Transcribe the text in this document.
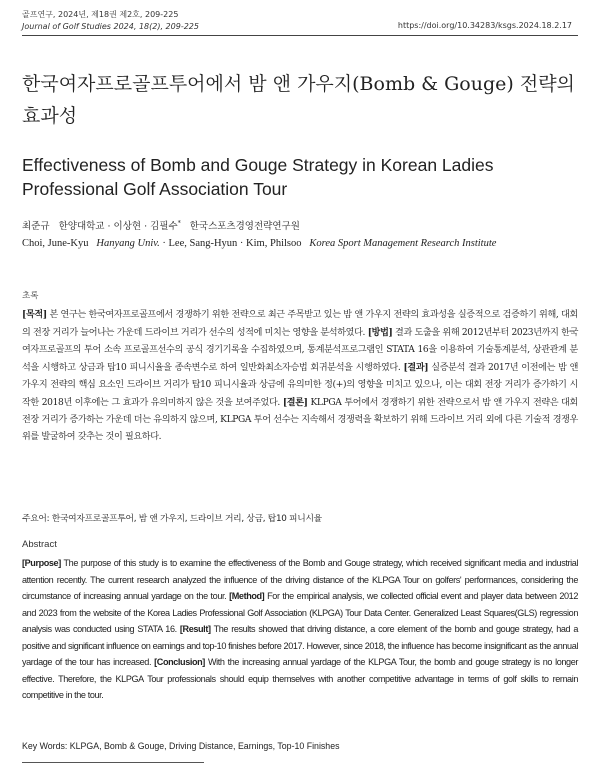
골프연구, 2024년, 제18권 제2호, 209-225
Journal of Golf Studies 2024, 18(2), 209-225	https://doi.org/10.34283/ksgs.2024.18.2.17
한국여자프로골프투어에서 밤 앤 가우지(Bomb & Gouge) 전략의 효과성
Effectiveness of Bomb and Gouge Strategy in Korean Ladies Professional Golf Association Tour
최준규 한양대학교 · 이상현 · 김필수* 한국스포츠경영전략연구원
Choi, June-Kyu Hanyang Univ. · Lee, Sang-Hyun · Kim, Philsoo Korea Sport Management Research Institute
초록

[목적] 본 연구는 한국여자프로골프에서 경쟁하기 위한 전략으로 최근 주목받고 있는 밤 앤 가우지 전략의 효과성을 실증적으로 검증하기 위해, 대회의 전장 거리가 늘어나는 가운데 드라이브 거리가 선수의 성적에 미치는 영향을 분석하였다. [방법] 결과 도출을 위해 2012년부터 2023년까지 한국여자프로골프의 투어 소속 프로골프선수의 공식 경기기록을 수집하였으며, 통계분석프로그램인 STATA 16을 이용하여 기술통계분석, 상관관계 분석을 시행하고 상금과 탑10 피니시율을 종속변수로 하여 일반화최소자승법 회귀분석을 시행하였다. [결과] 실증분석 결과 2017년 이전에는 밤 앤 가우지 전략의 핵심 요소인 드라이브 거리가 탑10 피니시율과 상금에 유의미한 정(+)의 영향을 미치고 있으나, 이는 대회 전장 거리가 증가하기 시작한 2018년 이후에는 그 효과가 유의미하지 않은 것을 보여주었다. [결론] KLPGA 투어에서 경쟁하기 위한 전략으로서 밤 앤 가우지 전략은 대회 전장 거리가 증가하는 가운데 더는 유의하지 않으며, KLPGA 투어 선수는 지속해서 경쟁력을 확보하기 위해 드라이브 거리 외에 다른 기술적 경쟁우위를 발굴하여 갖추는 것이 필요하다.

주요어: 한국여자프로골프투어, 밤 앤 가우지, 드라이브 거리, 상금, 탑10 피니시율
Abstract

[Purpose] The purpose of this study is to examine the effectiveness of the Bomb and Gouge strategy, which received significant media and industrial attention recently. The current research analyzed the influence of the driving distance of the KLPGA Tour on golfers' performances, considering the circumstance of increasing annual yardage on the tour. [Method] For the empirical analysis, we collected official event and player data between 2012 and 2023 from the website of the Korea Ladies Professional Golf Association (KLPGA) Tour Data Center. Generalized Least Squares(GLS) regression analysis was conducted using STATA 16. [Result] The results showed that driving distance, a core element of the bomb and gouge strategy, had a positive and significant influence on earnings and top-10 finishes before 2017. However, since 2018, the influence has become insignificant as the annual yardage of the tour has increased. [Conclusion] With the increasing annual yardage of the KLPGA Tour, the bomb and gouge strategy is no longer effective. Therefore, the KLPGA Tour professionals should equip themselves with another competitive advantage in terms of golf skills to remain competitive in the tour.

Key Words: KLPGA, Bomb & Gouge, Driving Distance, Earnings, Top-10 Finishes
